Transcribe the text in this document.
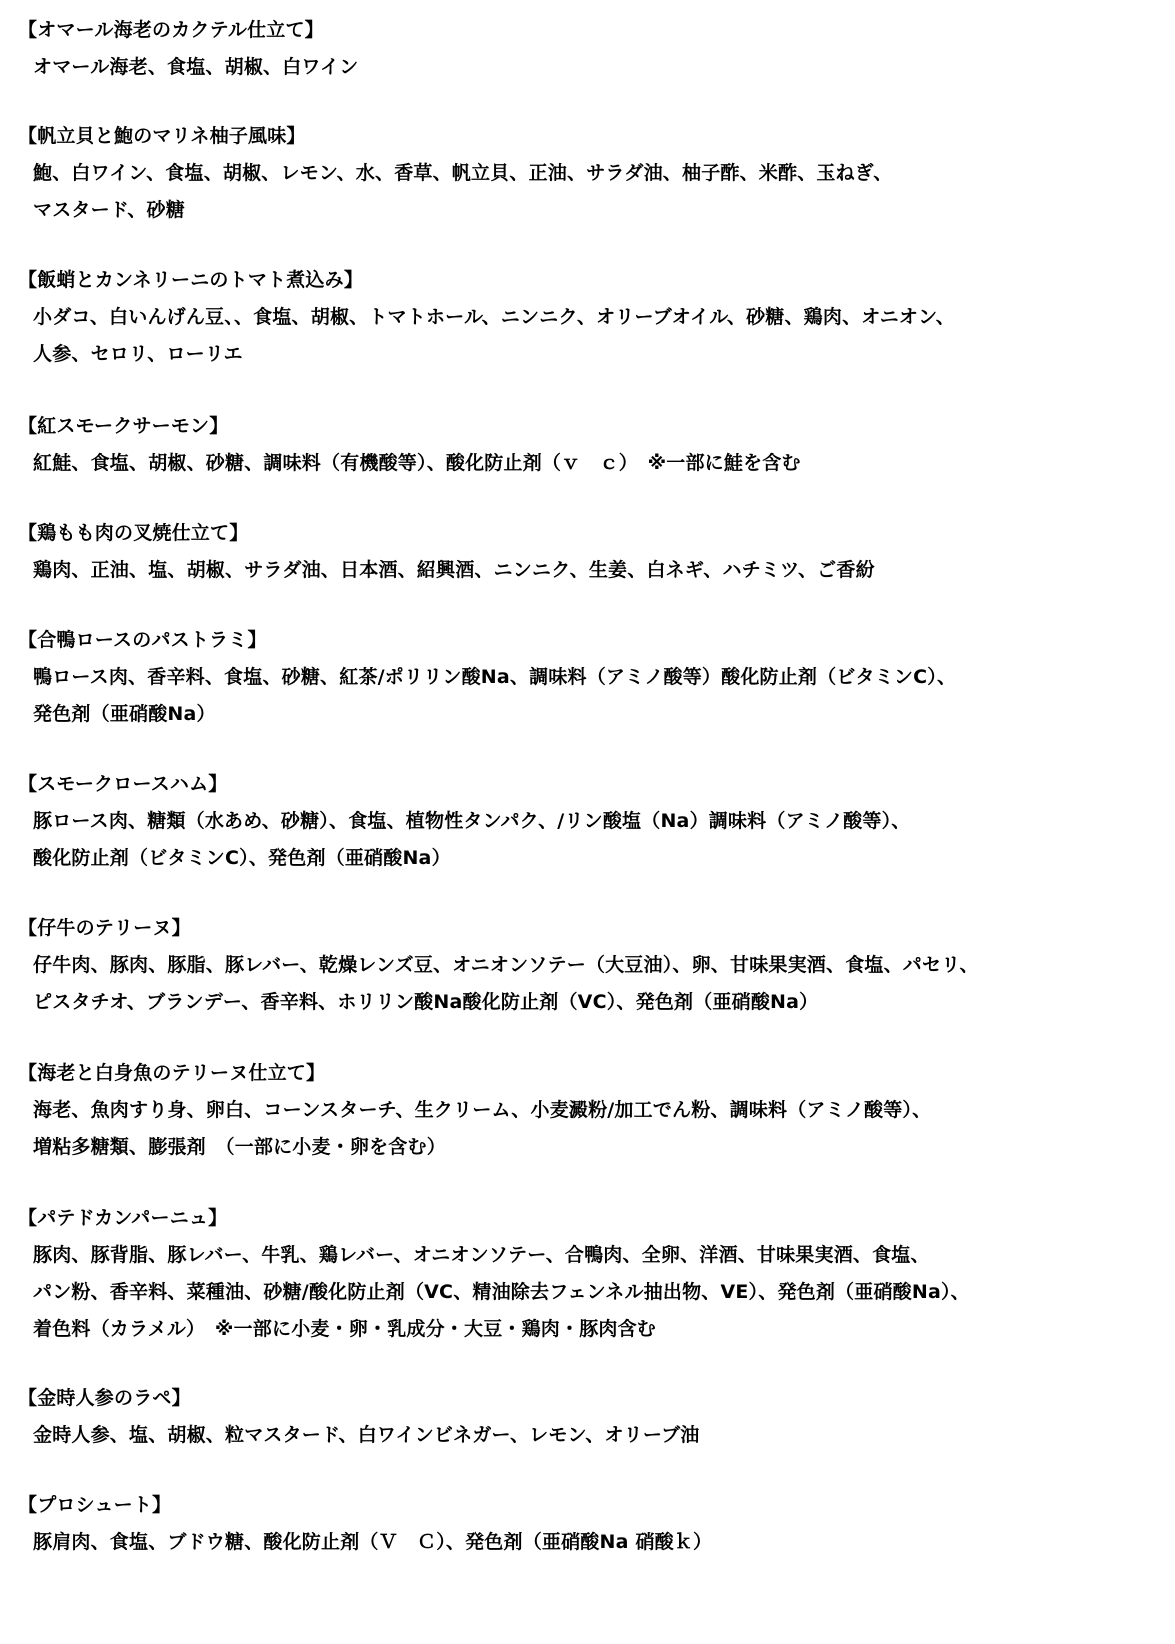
【オマール海老のカクテル仕立て】
オマール海老、食塩、胡椒、白ワイン
【帆立貝と鮑のマリネ柚子風味】
鮑、白ワイン、食塩、胡椒、レモン、水、香草、帆立貝、正油、サラダ油、柚子酢、米酢、玉ねぎ、
マスタード、砂糖
【飯蛸とカンネリーニのトマト煮込み】
小ダコ、白いんげん豆、、食塩、胡椒、トマトホール、ニンニク、オリーブオイル、砂糖、鶏肉、オニオン、
人参、セロリ、ローリエ
【紅スモークサーモン】
紅鮭、食塩、胡椒、砂糖、調味料（有機酸等）、酸化防止剤（ｖ　ｃ）　※一部に鮭を含む
【鶏もも肉の叉焼仕立て】
鶏肉、正油、塩、胡椒、サラダ油、日本酒、紹興酒、ニンニク、生姜、白ネギ、ハチミツ、ご香紛
【合鴨ロースのパストラミ】
鴨ロース肉、香辛料、食塩、砂糖、紅茶/ポリリン酸Na、調味料（アミノ酸等）酸化防止剤（ビタミンC）、
発色剤（亜硝酸Na）
【スモークロースハム】
豚ロース肉、糖類（水あめ、砂糖）、食塩、植物性タンパク、/リン酸塩（Na）調味料（アミノ酸等）、
酸化防止剤（ビタミンC）、発色剤（亜硝酸Na）
【仔牛のテリーヌ】
仔牛肉、豚肉、豚脂、豚レバー、乾燥レンズ豆、オニオンソテー（大豆油）、卵、甘味果実酒、食塩、パセリ、
ピスタチオ、ブランデー、香辛料、ホリリン酸Na酸化防止剤（VC）、発色剤（亜硝酸Na）
【海老と白身魚のテリーヌ仕立て】
海老、魚肉すり身、卵白、コーンスターチ、生クリーム、小麦澱粉/加工でん粉、調味料（アミノ酸等）、
増粘多糖類、膨張剤　（一部に小麦・卵を含む）
【パテドカンパーニュ】
豚肉、豚背脂、豚レバー、牛乳、鶏レバー、オニオンソテー、合鴨肉、全卵、洋酒、甘味果実酒、食塩、
パン粉、香辛料、菜種油、砂糖/酸化防止剤（VC、精油除去フェンネル抽出物、VE）、発色剤（亜硝酸Na）、
着色料（カラメル）　※一部に小麦・卵・乳成分・大豆・鶏肉・豚肉含む
【金時人参のラペ】
金時人参、塩、胡椒、粒マスタード、白ワインビネガー、レモン、オリーブ油
【プロシュート】
豚肩肉、食塩、ブドウ糖、酸化防止剤（Ｖ　Ｃ）、発色剤（亜硝酸Na 硝酸ｋ）
